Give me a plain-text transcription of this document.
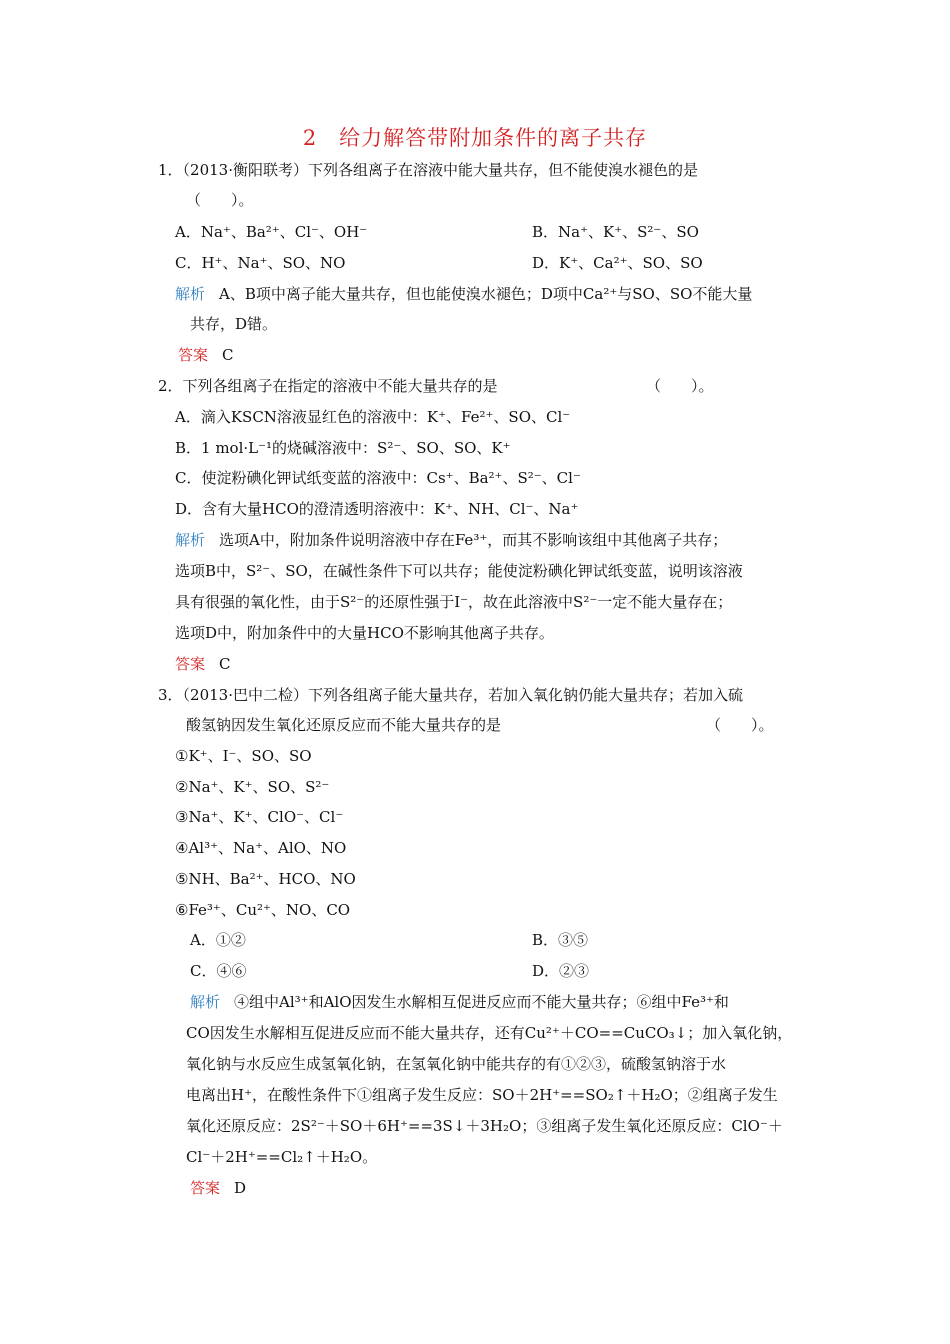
2　给力解答带附加条件的离子共存
1．（2013·衡阳联考）下列各组离子在溶液中能大量共存，但不能使溴水褪色的是
（　　）。
A．Na⁺、Ba²⁺、Cl⁻、OH⁻	B．Na⁺、K⁺、S²⁻、SO
C．H⁺、Na⁺、SO、NO	D．K⁺、Ca²⁺、SO、SO
解析 A、B项中离子能大量共存，但也能使溴水褪色；D项中Ca²⁺与SO、SO不能大量
共存，D错。
答案 C
2．下列各组离子在指定的溶液中不能大量共存的是	（　　）。
A．滴入KSCN溶液显红色的溶液中：K⁺、Fe²⁺、SO、Cl⁻
B．1 mol·L⁻¹的烧碱溶液中：S²⁻、SO、SO、K⁺
C．使淀粉碘化钾试纸变蓝的溶液中：Cs⁺、Ba²⁺、S²⁻、Cl⁻
D．含有大量HCO的澄清透明溶液中：K⁺、NH、Cl⁻、Na⁺
解析 选项A中，附加条件说明溶液中存在Fe³⁺，而其不影响该组中其他离子共存；
选项B中，S²⁻、SO，在碱性条件下可以共存；能使淀粉碘化钾试纸变蓝，说明该溶液
具有很强的氧化性，由于S²⁻的还原性强于I⁻，故在此溶液中S²⁻一定不能大量存在；
选项D中，附加条件中的大量HCO不影响其他离子共存。
答案 C
3．（2013·巴中二检）下列各组离子能大量共存，若加入氧化钠仍能大量共存；若加入硫
酸氢钠因发生氧化还原反应而不能大量共存的是	（　　）。
①K⁺、I⁻、SO、SO
②Na⁺、K⁺、SO、S²⁻
③Na⁺、K⁺、ClO⁻、Cl⁻
④Al³⁺、Na⁺、AlO、NO
⑤NH、Ba²⁺、HCO、NO
⑥Fe³⁺、Cu²⁺、NO、CO
A．①②	B．③⑤
C．④⑥	D．②③
解析 ④组中Al³⁺和AlO因发生水解相互促进反应而不能大量共存；⑥组中Fe³⁺和
CO因发生水解相互促进反应而不能大量共存，还有Cu²⁺＋CO==CuCO₃↓；加入氧化钠，
氧化钠与水反应生成氢氧化钠，在氢氧化钠中能共存的有①②③，硫酸氢钠溶于水
电离出H⁺，在酸性条件下①组离子发生反应：SO＋2H⁺==SO₂↑＋H₂O；②组离子发生
氧化还原反应：2S²⁻＋SO＋6H⁺==3S↓＋3H₂O；③组离子发生氧化还原反应：ClO⁻＋
Cl⁻＋2H⁺==Cl₂↑＋H₂O。
答案 D
